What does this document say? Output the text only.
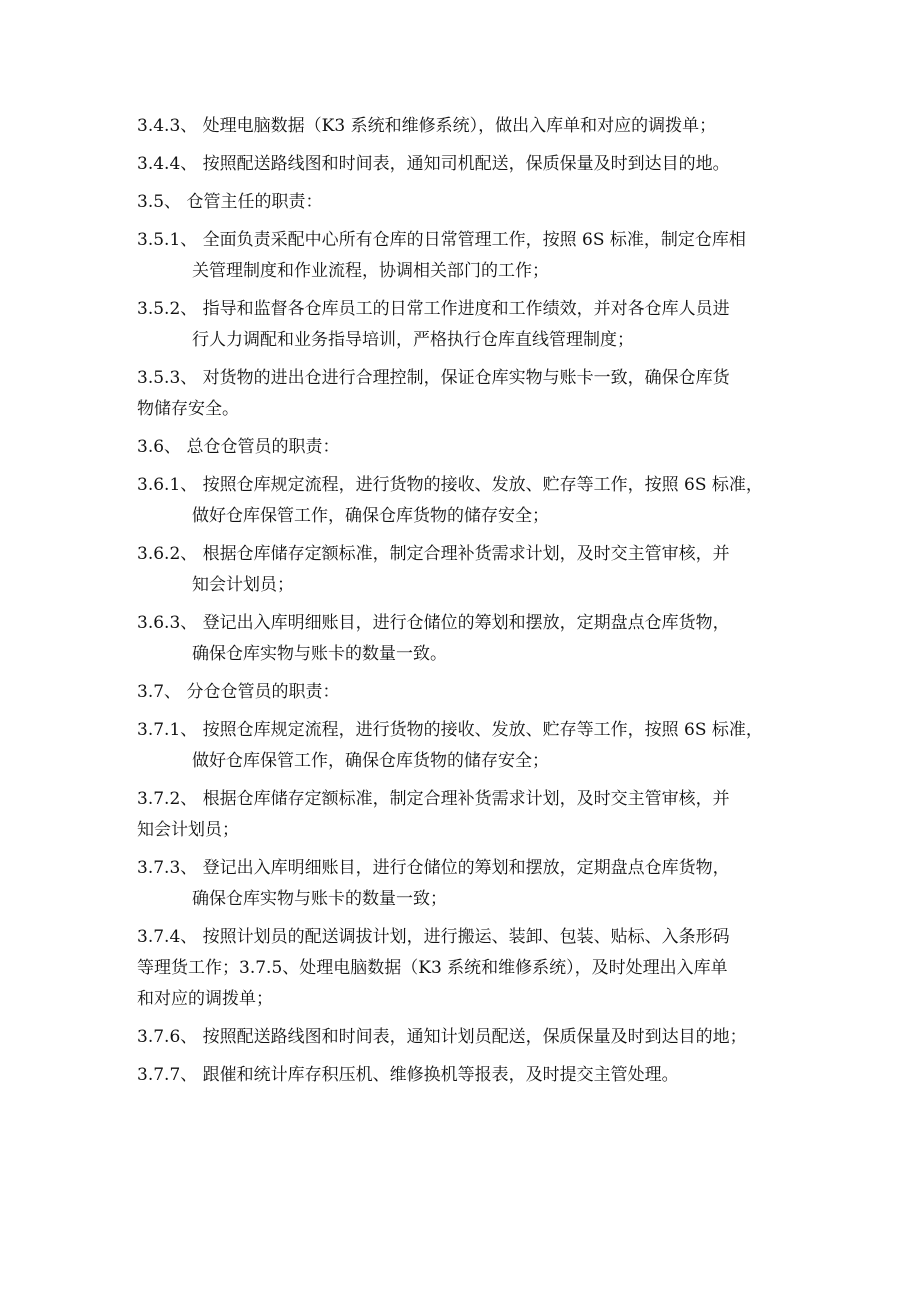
3.4.3、 处理电脑数据（K3 系统和维修系统），做出入库单和对应的调拨单；

3.4.4、 按照配送路线图和时间表，通知司机配送，保质保量及时到达目的地。

3.5、 仓管主任的职责：

3.5.1、 全面负责采配中心所有仓库的日常管理工作，按照 6S 标准，制定仓库相
关管理制度和作业流程，协调相关部门的工作；

3.5.2、 指导和监督各仓库员工的日常工作进度和工作绩效，并对各仓库人员进
行人力调配和业务指导培训，严格执行仓库直线管理制度；

3.5.3、 对货物的进出仓进行合理控制，保证仓库实物与账卡一致，确保仓库货
物储存安全。

3.6、 总仓仓管员的职责：

3.6.1、 按照仓库规定流程，进行货物的接收、发放、贮存等工作，按照 6S 标准，
做好仓库保管工作，确保仓库货物的储存安全；

3.6.2、 根据仓库储存定额标准，制定合理补货需求计划，及时交主管审核，并
知会计划员；

3.6.3、 登记出入库明细账目，进行仓储位的筹划和摆放，定期盘点仓库货物，
确保仓库实物与账卡的数量一致。

3.7、 分仓仓管员的职责：

3.7.1、 按照仓库规定流程，进行货物的接收、发放、贮存等工作，按照 6S 标准，
做好仓库保管工作，确保仓库货物的储存安全；

3.7.2、 根据仓库储存定额标准，制定合理补货需求计划，及时交主管审核，并
知会计划员；

3.7.3、 登记出入库明细账目，进行仓储位的筹划和摆放，定期盘点仓库货物，
确保仓库实物与账卡的数量一致；

3.7.4、 按照计划员的配送调拔计划，进行搬运、装卸、包装、贴标、入条形码
等理货工作；3.7.5、处理电脑数据（K3 系统和维修系统），及时处理出入库单
和对应的调拨单；

3.7.6、 按照配送路线图和时间表，通知计划员配送，保质保量及时到达目的地；

3.7.7、 跟催和统计库存积压机、维修换机等报表，及时提交主管处理。
